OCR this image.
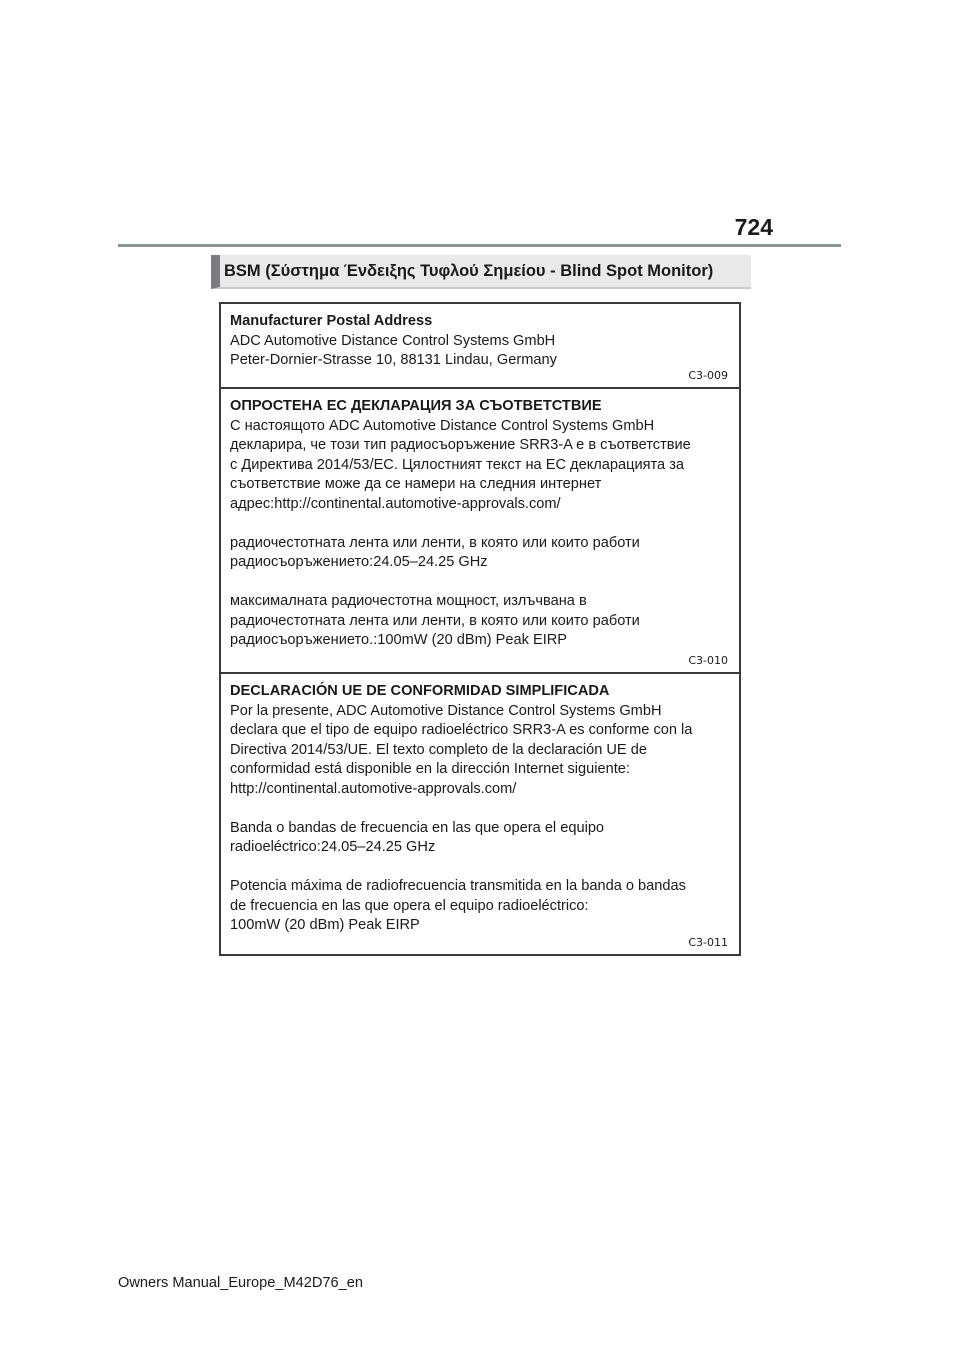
724
BSM (Σύστημα Ένδειξης Τυφλού Σημείου - Blind Spot Monitor)
Manufacturer Postal Address
ADC Automotive Distance Control Systems GmbH
Peter-Dornier-Strasse 10, 88131 Lindau, Germany
C3-009
ОПРОСТЕНА ЕС ДЕКЛАРАЦИЯ ЗА СЪОТВЕТСТВИЕ
С настоящото ADC Automotive Distance Control Systems GmbH
декларира, че този тип радиосъоръжение SRR3-A е в съответствие
с Директива 2014/53/ЕС. Цялостният текст на ЕС декларацията за
съответствие може да се намери на следния интернет
адрес:http://continental.automotive-approvals.com/
радиочестотната лента или ленти, в която или които работи
радиосъоръжението:24.05–24.25 GHz
максималната радиочестотна мощност, излъчвана в
радиочестотната лента или ленти, в която или които работи
радиосъоръжението.:100mW (20 dBm) Peak EIRP
C3-010
DECLARACIÓN UE DE CONFORMIDAD SIMPLIFICADA
Por la presente, ADC Automotive Distance Control Systems GmbH
declara que el tipo de equipo radioeléctrico SRR3-A es conforme con la
Directiva 2014/53/UE. El texto completo de la declaración UE de
conformidad está disponible en la dirección Internet siguiente:
http://continental.automotive-approvals.com/
Banda o bandas de frecuencia en las que opera el equipo
radioeléctrico:24.05–24.25 GHz
Potencia máxima de radiofrecuencia transmitida en la banda o bandas
de frecuencia en las que opera el equipo radioeléctrico:
100mW (20 dBm) Peak EIRP
C3-011
Owners Manual_Europe_M42D76_en
